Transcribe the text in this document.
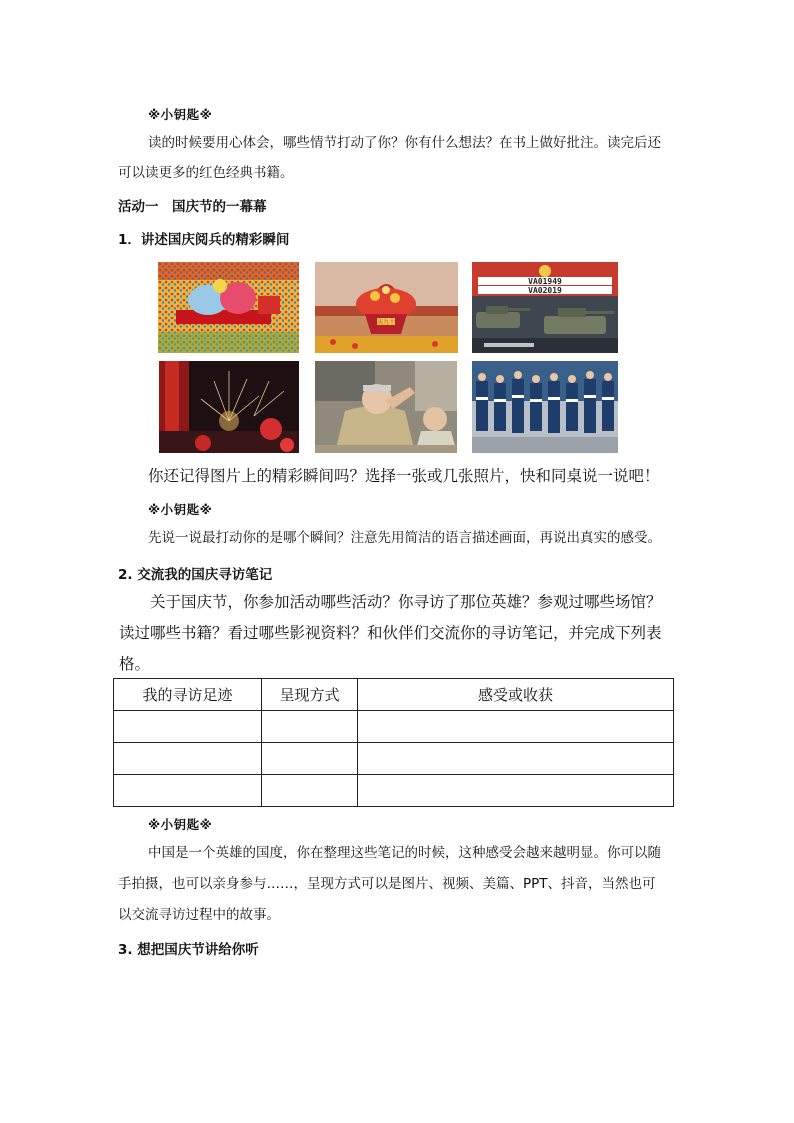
※小钥匙※
读的时候要用心体会，哪些情节打动了你？你有什么想法？在书上做好批注。读完后还
可以读更多的红色经典书籍。
活动一　国庆节的一幕幕
1．讲述国庆阅兵的精彩瞬间
庆九十
VA01949
VA02019
你还记得图片上的精彩瞬间吗？选择一张或几张照片，快和同桌说一说吧！
※小钥匙※
先说一说最打动你的是哪个瞬间？注意先用简洁的语言描述画面，再说出真实的感受。
2. 交流我的国庆寻访笔记
关于国庆节，你参加活动哪些活动？你寻访了那位英雄？参观过哪些场馆？
读过哪些书籍？看过哪些影视资料？和伙伴们交流你的寻访笔记，并完成下列表
格。
我的寻访足迹	呈现方式	感受或收获

※小钥匙※
中国是一个英雄的国度，你在整理这些笔记的时候，这种感受会越来越明显。你可以随
手拍摄，也可以亲身参与……，呈现方式可以是图片、视频、美篇、PPT、抖音，当然也可
以交流寻访过程中的故事。
3. 想把国庆节讲给你听
